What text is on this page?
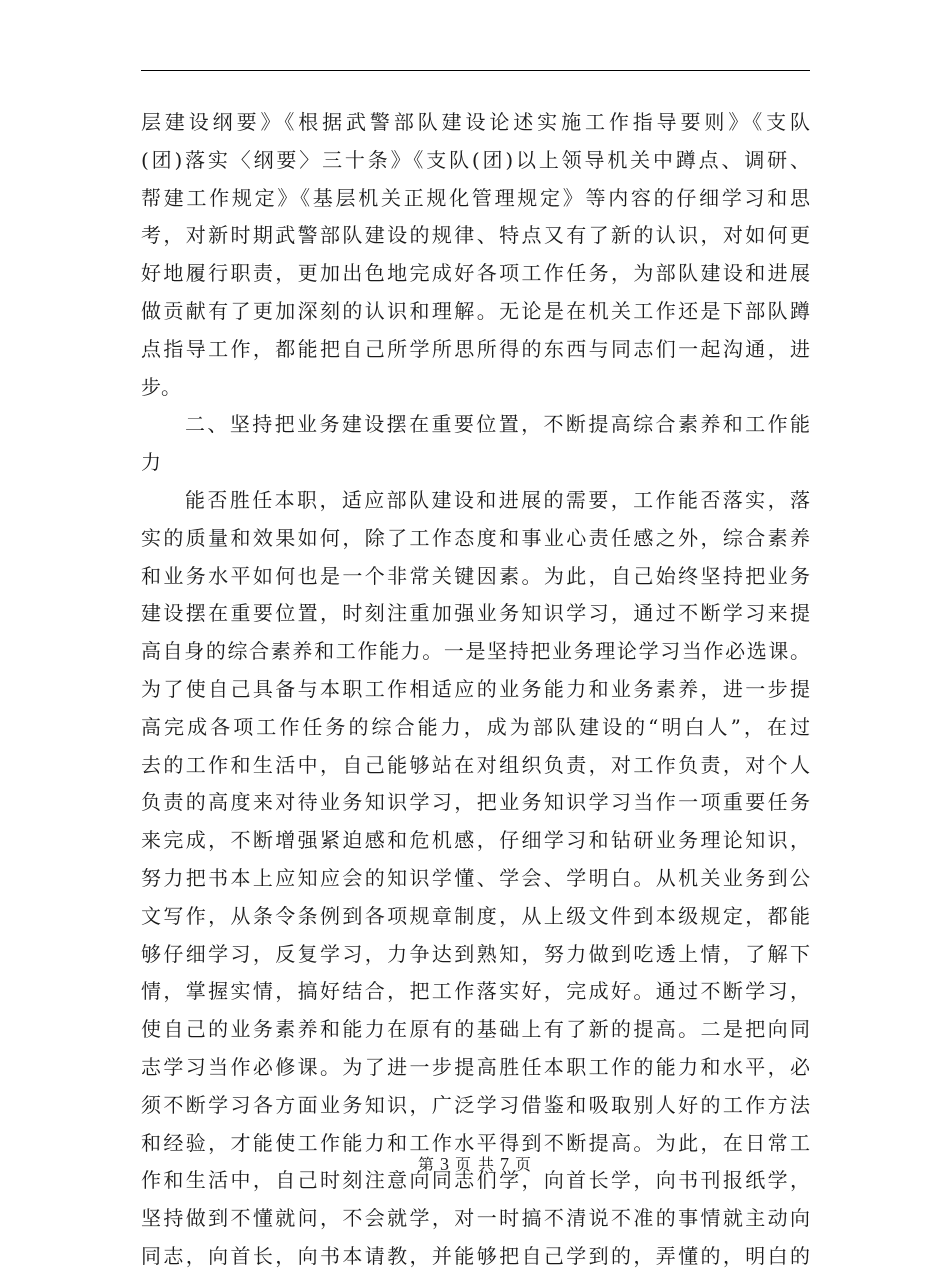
层建设纲要》《根据武警部队建设论述实施工作指导要则》《支队
(团)落实〈纲要〉三十条》《支队(团)以上领导机关中蹲点、调研、
帮建工作规定》《基层机关正规化管理规定》等内容的仔细学习和思
考，对新时期武警部队建设的规律、特点又有了新的认识，对如何更
好地履行职责，更加出色地完成好各项工作任务，为部队建设和进展
做贡献有了更加深刻的认识和理解。无论是在机关工作还是下部队蹲
点指导工作，都能把自己所学所思所得的东西与同志们一起沟通，进
步。
二、坚持把业务建设摆在重要位置，不断提高综合素养和工作能
力
能否胜任本职，适应部队建设和进展的需要，工作能否落实，落
实的质量和效果如何，除了工作态度和事业心责任感之外，综合素养
和业务水平如何也是一个非常关键因素。为此，自己始终坚持把业务
建设摆在重要位置，时刻注重加强业务知识学习，通过不断学习来提
高自身的综合素养和工作能力。一是坚持把业务理论学习当作必选课。
为了使自己具备与本职工作相适应的业务能力和业务素养，进一步提
高完成各项工作任务的综合能力，成为部队建设的“明白人”，在过
去的工作和生活中，自己能够站在对组织负责，对工作负责，对个人
负责的高度来对待业务知识学习，把业务知识学习当作一项重要任务
来完成，不断增强紧迫感和危机感，仔细学习和钻研业务理论知识，
努力把书本上应知应会的知识学懂、学会、学明白。从机关业务到公
文写作，从条令条例到各项规章制度，从上级文件到本级规定，都能
够仔细学习，反复学习，力争达到熟知，努力做到吃透上情，了解下
情，掌握实情，搞好结合，把工作落实好，完成好。通过不断学习，
使自己的业务素养和能力在原有的基础上有了新的提高。二是把向同
志学习当作必修课。为了进一步提高胜任本职工作的能力和水平，必
须不断学习各方面业务知识，广泛学习借鉴和吸取别人好的工作方法
和经验，才能使工作能力和工作水平得到不断提高。为此，在日常工
作和生活中，自己时刻注意向同志们学，向首长学，向书刊报纸学，
坚持做到不懂就问，不会就学，对一时搞不清说不准的事情就主动向
同志，向首长，向书本请教，并能够把自己学到的，弄懂的，明白的
第 3 页 共 7 页
